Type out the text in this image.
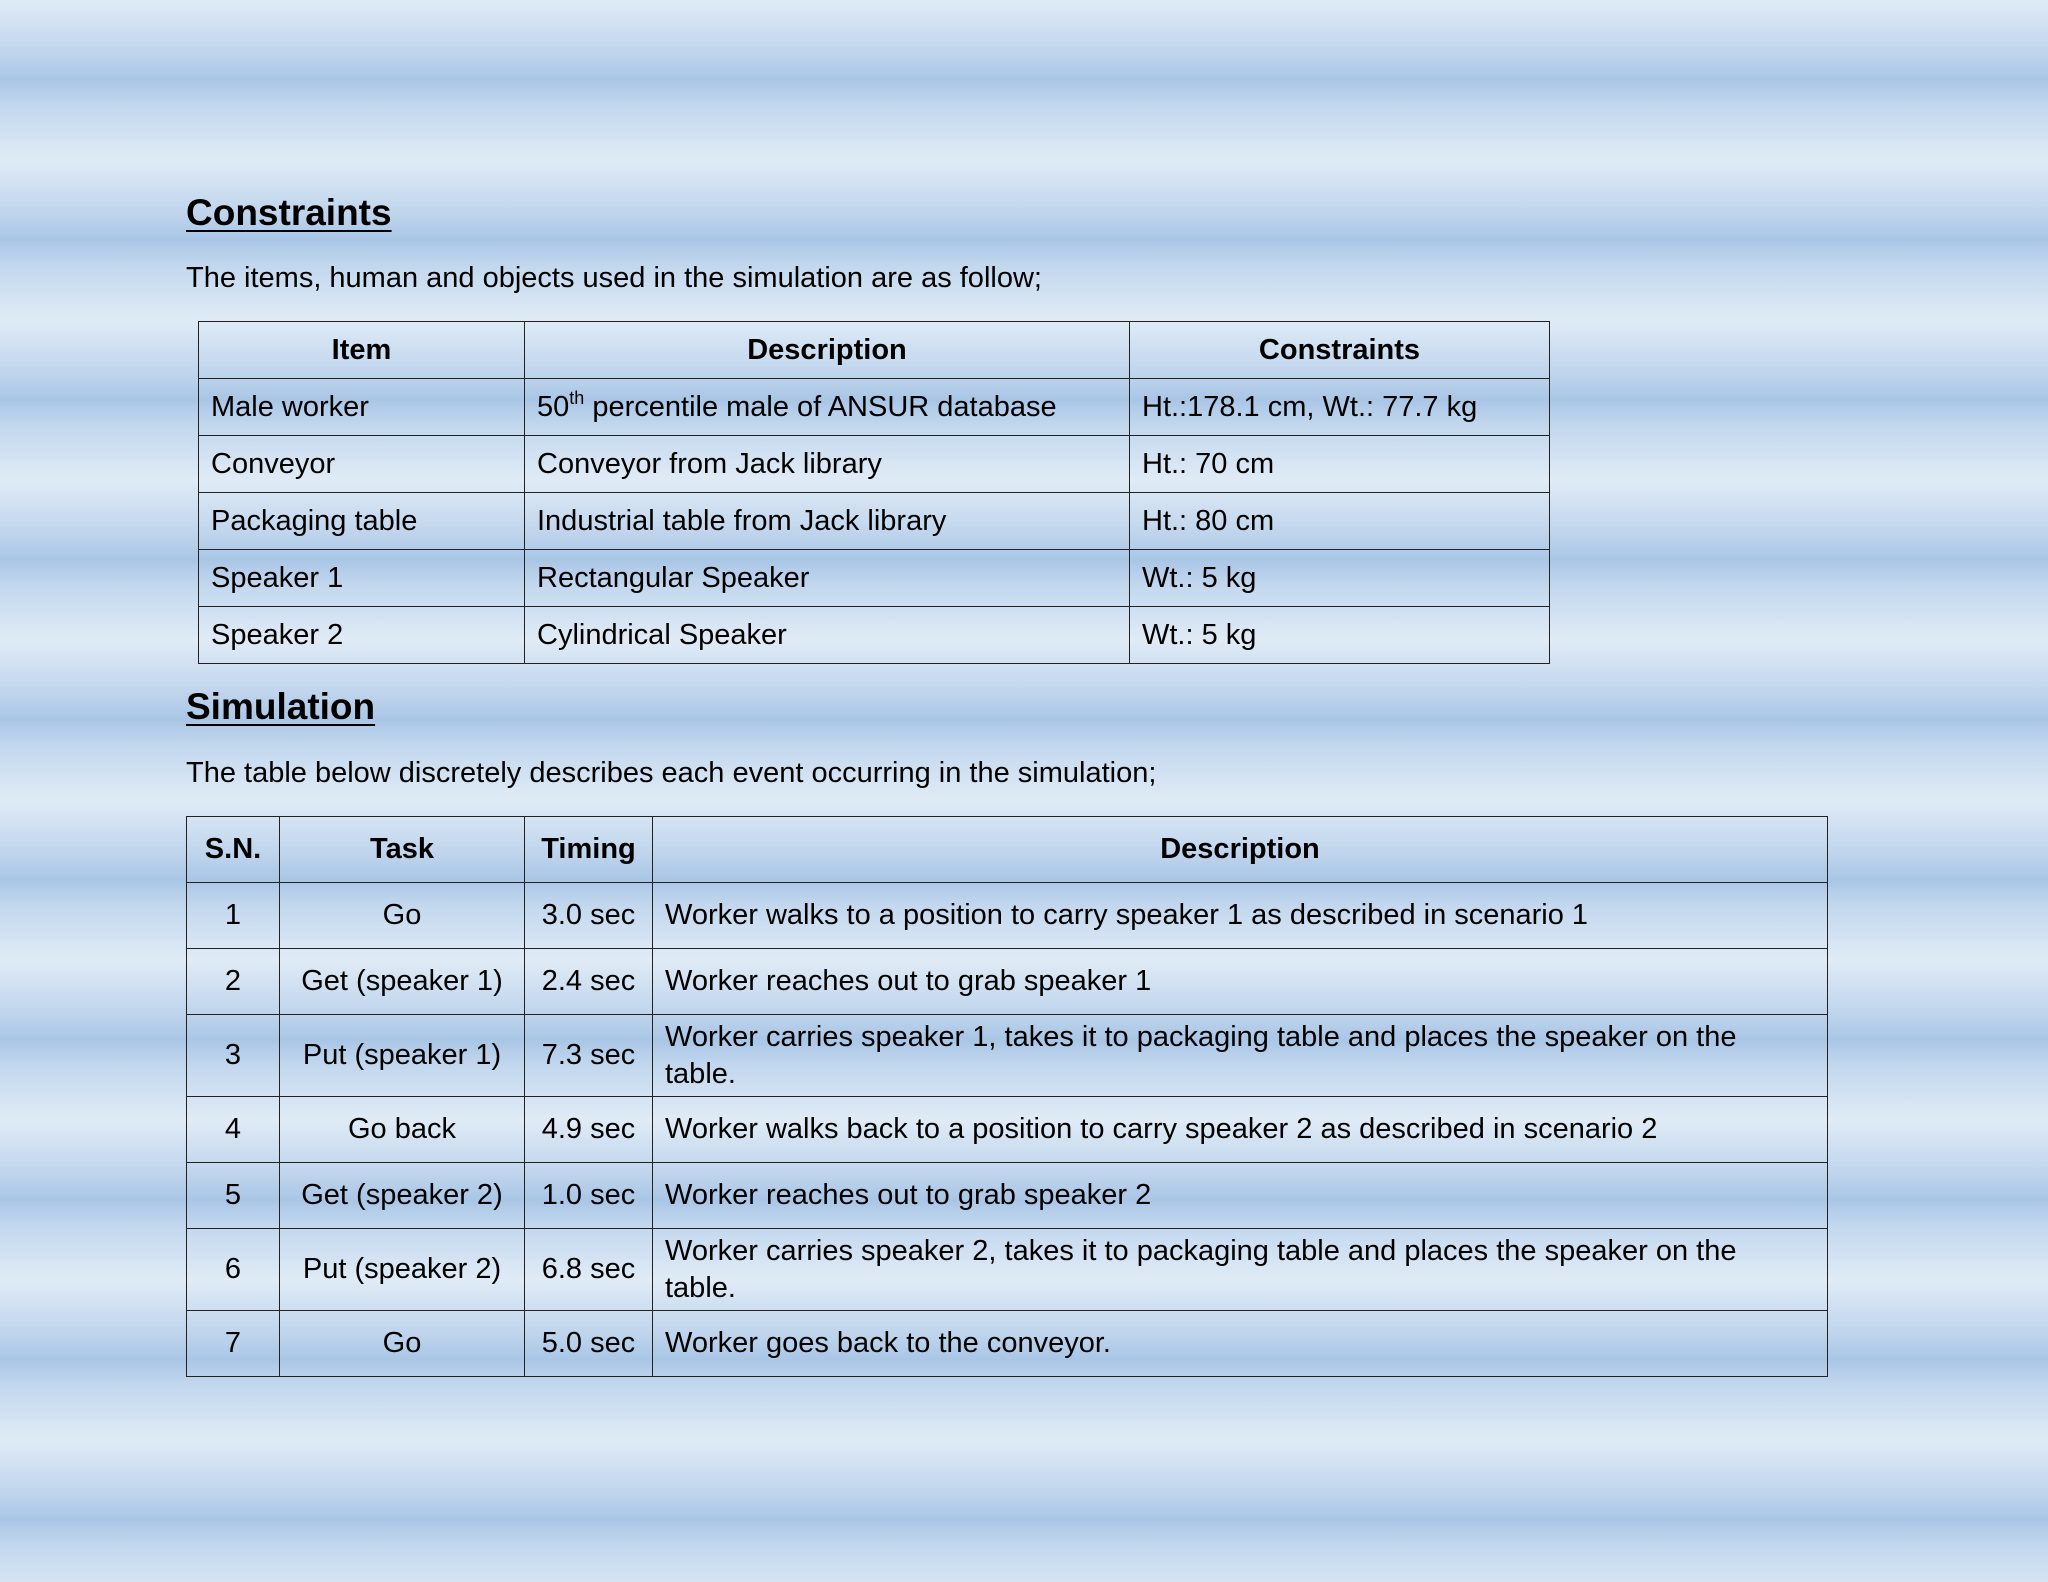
Constraints

The items, human and objects used in the simulation are as follow;

Item	Description	Constraints
Male worker	50th percentile male of ANSUR database	Ht.:178.1 cm, Wt.: 77.7 kg
Conveyor	Conveyor from Jack library	Ht.: 70 cm
Packaging table	Industrial table from Jack library	Ht.: 80 cm
Speaker 1	Rectangular Speaker	Wt.: 5 kg
Speaker 2	Cylindrical Speaker	Wt.: 5 kg
Simulation

The table below discretely describes each event occurring in the simulation;

S.N.	Task	Timing	Description
1	Go	3.0 sec	Worker walks to a position to carry speaker 1 as described in scenario 1
2	Get (speaker 1)	2.4 sec	Worker reaches out to grab speaker 1
3	Put (speaker 1)	7.3 sec	Worker carries speaker 1, takes it to packaging table and places the speaker on the table.
4	Go back	4.9 sec	Worker walks back to a position to carry speaker 2 as described in scenario 2
5	Get (speaker 2)	1.0 sec	Worker reaches out to grab speaker 2
6	Put (speaker 2)	6.8 sec	Worker carries speaker 2, takes it to packaging table and places the speaker on the table.
7	Go	5.0 sec	Worker goes back to the conveyor.
